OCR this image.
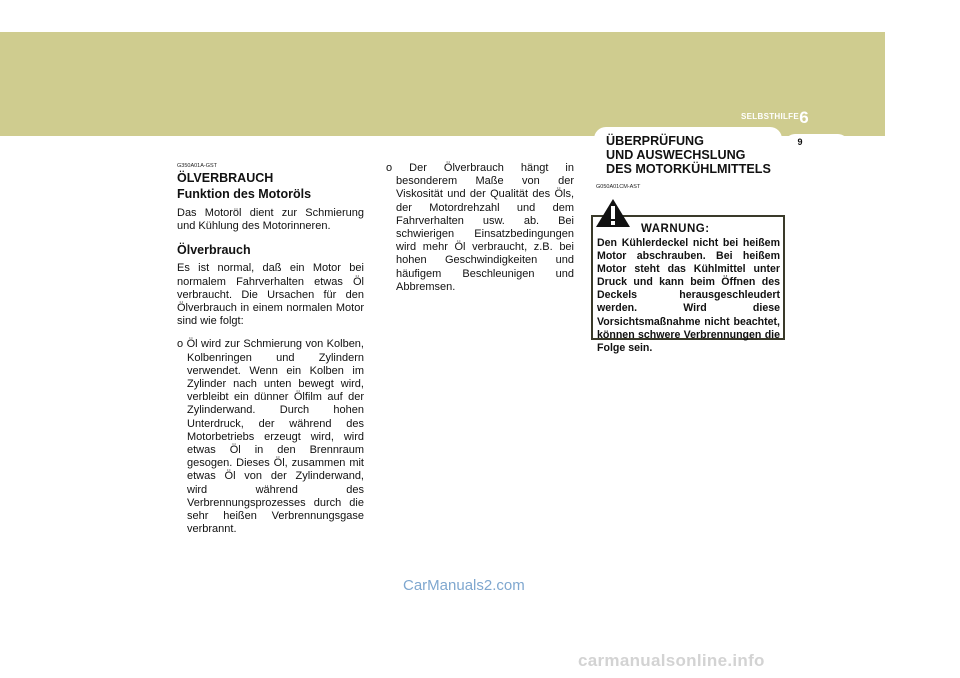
SELBSTHILFE 6
9
ÜBERPRÜFUNG
UND AUSWECHSLUNG
DES MOTORKÜHLMITTELS
G350A01A-GST
ÖLVERBRAUCH
Funktion des Motoröls

Das Motoröl dient zur Schmierung und Kühlung des Motorinneren.

Ölverbrauch

Es ist normal, daß ein Motor bei normalem Fahrverhalten etwas Öl verbraucht. Die Ursachen für den Ölverbrauch in einem normalen Motor sind wie folgt:

o Öl wird zur Schmierung von Kolben, Kolbenringen und Zylindern verwendet. Wenn ein Kolben im Zylinder nach unten bewegt wird, verbleibt ein dünner Ölfilm auf der Zylinderwand. Durch hohen Unterdruck, der während des Motorbetriebs erzeugt wird, wird etwas Öl in den Brennraum gesogen. Dieses Öl, zusammen mit etwas Öl von der Zylinderwand, wird während des Verbrennungsprozesses durch die sehr heißen Verbrennungsgase verbrannt.
o Der Ölverbrauch hängt in besonderem Maße von der Viskosität und der Qualität des Öls, der Motordrehzahl und dem Fahrverhalten usw. ab. Bei schwierigen Einsatzbedingungen wird mehr Öl verbraucht, z.B. bei hohen Geschwindigkeiten und häufigem Beschleunigen und Abbremsen.
G050A01CM-AST
WARNUNG:
Den Kühlerdeckel nicht bei heißem Motor abschrauben. Bei heißem Motor steht das Kühlmittel unter Druck und kann beim Öffnen des Deckels herausgeschleudert werden. Wird diese Vorsichtsmaßnahme nicht beachtet, können schwere Verbrennungen die Folge sein.
CarManuals2.com
carmanualsonline.info
